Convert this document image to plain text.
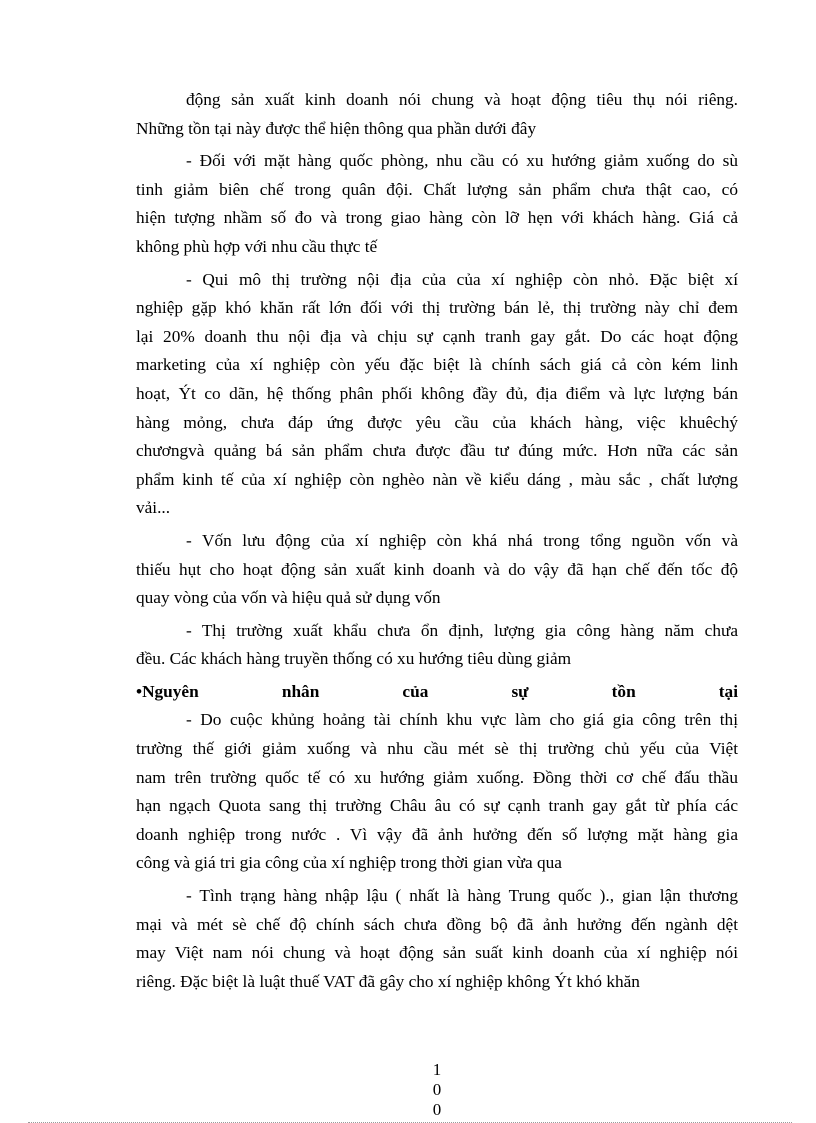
động sản xuất kinh doanh nói chung và hoạt động tiêu thụ nói riêng.
Những tồn tại này được thể hiện thông qua phần dưới đây
- Đối với mặt hàng quốc phòng, nhu cầu có xu hướng giảm xuống do sù
tinh giảm biên chế trong quân đội. Chất lượng sản phẩm chưa thật cao, có
hiện tượng nhầm số đo và trong giao hàng còn lỡ hẹn với khách hàng. Giá cả
không phù hợp với nhu cầu thực tế
- Qui mô thị trường nội địa của của xí nghiệp còn nhỏ. Đặc biệt xí
nghiệp gặp khó khăn rất lớn đối với thị trường bán lẻ, thị trường này chỉ đem
lại 20% doanh thu nội địa và chịu sự cạnh tranh gay gắt. Do các hoạt động
marketing của xí nghiệp còn yếu đặc biệt là chính sách giá cả còn kém linh
hoạt, Ýt co dãn, hệ thống phân phối không đầy đủ, địa điểm và lực lượng bán
hàng mỏng, chưa đáp ứng được yêu cầu của khách hàng, việc khuêchý
chươngvà quảng bá sản phẩm chưa được đầu tư đúng mức. Hơn nữa các sản
phẩm kinh tế của xí nghiệp còn nghèo nàn về kiểu dáng , màu sắc , chất lượng
vải...
- Vốn lưu động của xí nghiệp còn khá nhá trong tổng nguồn vốn và
thiếu hụt cho hoạt động sản xuất kinh doanh và do vậy đã hạn chế đến tốc độ
quay vòng của vốn và hiệu quả sử dụng vốn
- Thị trường xuất khẩu chưa ổn định, lượng gia công hàng năm chưa
đều. Các khách hàng truyền thống có xu hướng tiêu dùng giảm
•Nguyên	nhân	của	sự	tồn	tại
- Do cuộc khủng hoảng tài chính khu vực làm cho giá gia công trên thị
trường thế giới giảm xuống và nhu cầu mét sè thị trường chủ yếu của Việt
nam trên trường quốc tế có xu hướng giảm xuống. Đồng thời cơ chế đấu thầu
hạn ngạch Quota sang thị trường Châu âu có sự cạnh tranh gay gắt từ phía các
doanh nghiệp trong nước . Vì vậy đã ảnh hưởng đến số lượng mặt hàng gia
công và giá tri gia công của xí nghiệp trong thời gian vừa qua
- Tình trạng hàng nhập lậu ( nhất là hàng Trung quốc )., gian lận thương
mại và mét sè chế độ chính sách chưa đồng bộ đã ảnh hưởng đến ngành dệt
may Việt nam nói chung và hoạt động sản suất kinh doanh của xí nghiệp nói
riêng. Đặc biệt là luật thuế VAT đã gây cho xí nghiệp không Ýt khó khăn
1
0
0
